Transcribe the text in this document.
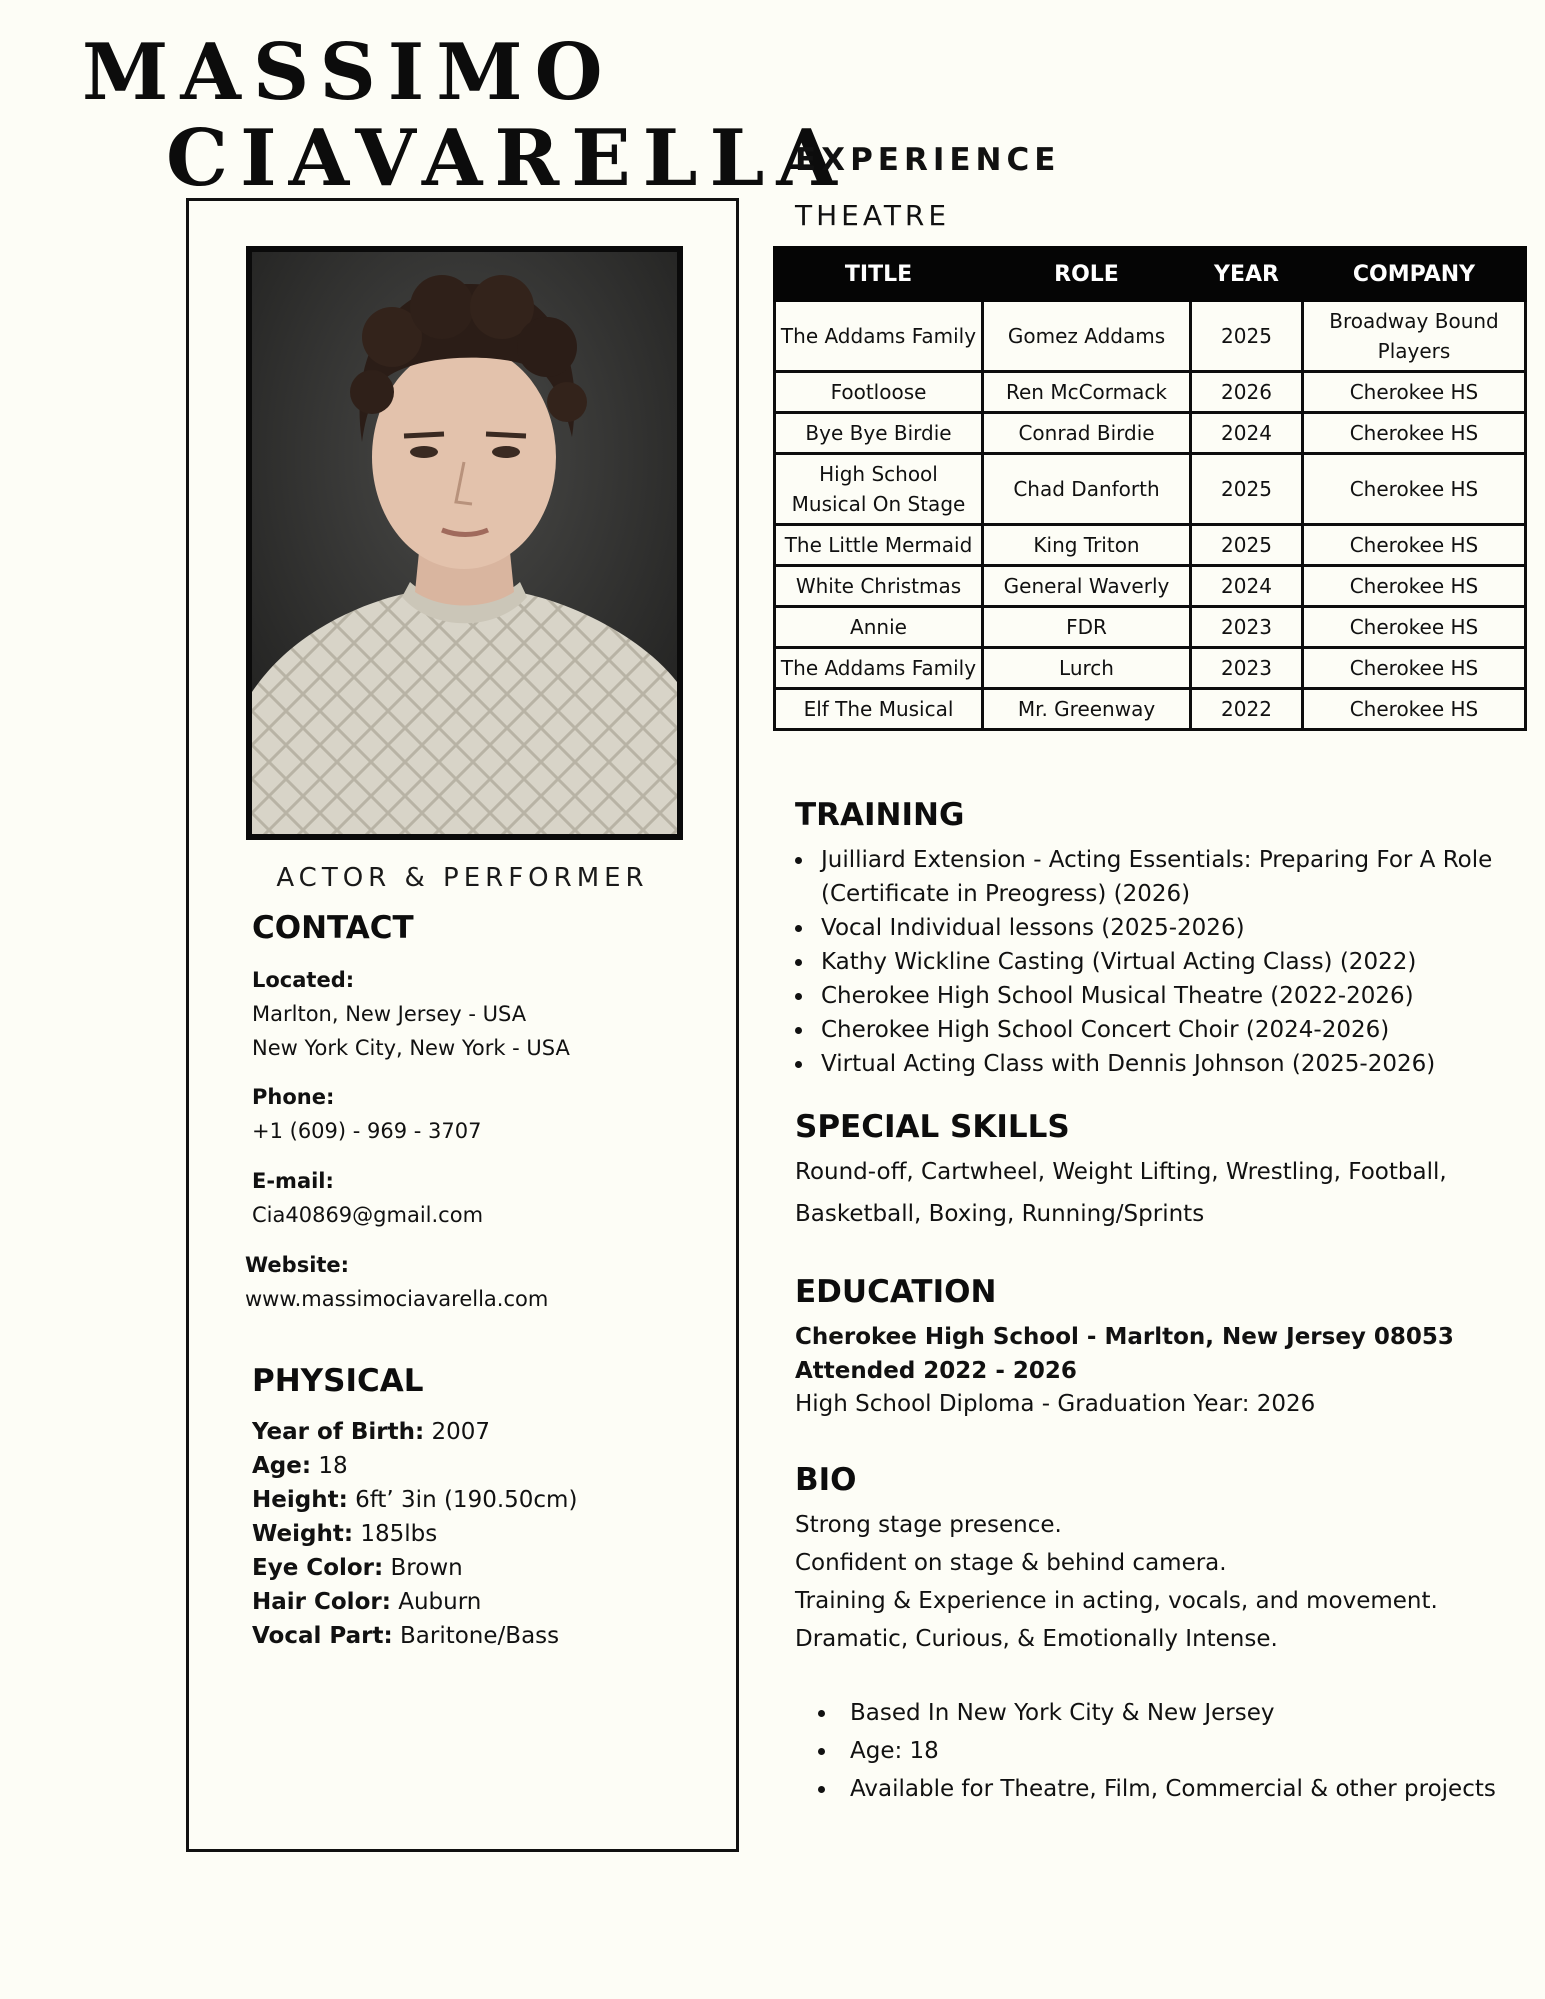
MASSIMO
CIAVARELLA
ACTOR & PERFORMER
CONTACT
Located:
Marlton, New Jersey - USA
New York City, New York - USA
Phone:
+1 (609) - 969 - 3707
E-mail:
Cia40869@gmail.com
Website:
www.massimociavarella.com
PHYSICAL
Year of Birth: 2007
Age: 18
Height: 6ft’ 3in (190.50cm)
Weight: 185lbs
Eye Color: Brown
Hair Color: Auburn
Vocal Part: Baritone/Bass
EXPERIENCE
THEATRE
TITLE	ROLE	YEAR	COMPANY
The Addams Family	Gomez Addams	2025	Broadway Bound Players
Footloose	Ren McCormack	2026	Cherokee HS
Bye Bye Birdie	Conrad Birdie	2024	Cherokee HS
High School Musical On Stage	Chad Danforth	2025	Cherokee HS
The Little Mermaid	King Triton	2025	Cherokee HS
White Christmas	General Waverly	2024	Cherokee HS
Annie	FDR	2023	Cherokee HS
The Addams Family	Lurch	2023	Cherokee HS
Elf The Musical	Mr. Greenway	2022	Cherokee HS
TRAINING
• Juilliard Extension - Acting Essentials: Preparing For A Role (Certificate in Preogress) (2026)
• Vocal Individual lessons (2025-2026)
• Kathy Wickline Casting (Virtual Acting Class) (2022)
• Cherokee High School Musical Theatre (2022-2026)
• Cherokee High School Concert Choir (2024-2026)
• Virtual Acting Class with Dennis Johnson (2025-2026)
SPECIAL SKILLS
Round-off, Cartwheel, Weight Lifting, Wrestling, Football, Basketball, Boxing, Running/Sprints
EDUCATION
Cherokee High School - Marlton, New Jersey 08053
Attended 2022 - 2026
High School Diploma - Graduation Year: 2026
BIO
Strong stage presence.
Confident on stage & behind camera.
Training & Experience in acting, vocals, and movement.
Dramatic, Curious, & Emotionally Intense.
• Based In New York City & New Jersey
• Age: 18
• Available for Theatre, Film, Commercial & other projects
